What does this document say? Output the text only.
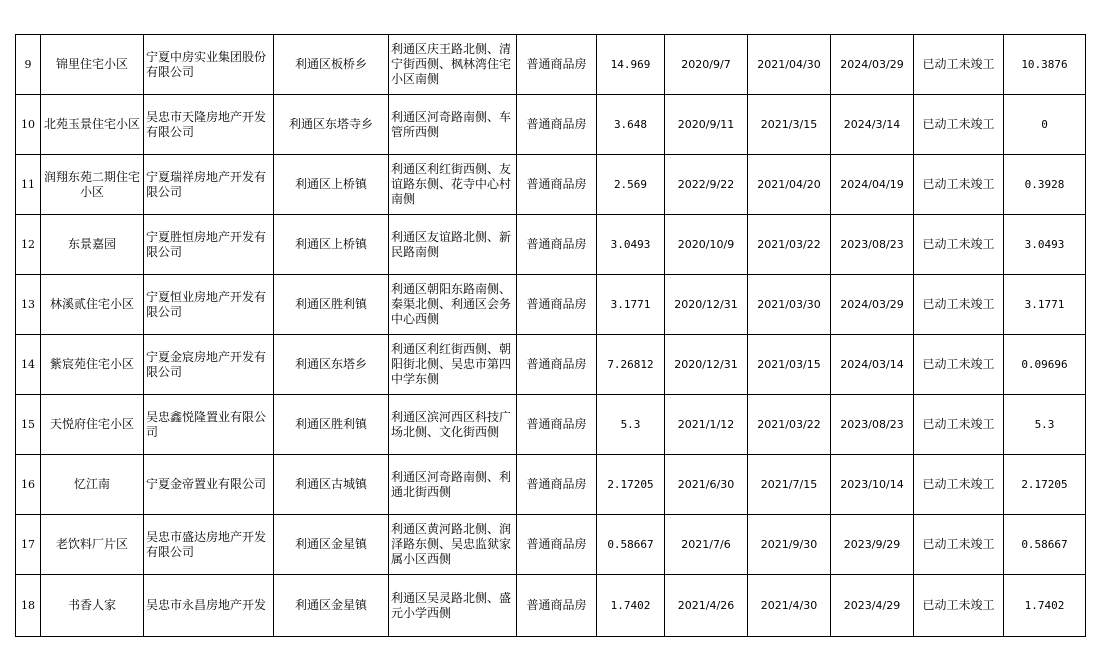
9	锦里住宅小区	宁夏中房实业集团股份有限公司	利通区板桥乡	利通区庆王路北侧、清宁街西侧、枫林湾住宅小区南侧	普通商品房	14.969	2020/9/7	2021/04/30	2024/03/29	已动工未竣工	10.3876
10	北苑玉景住宅小区	吴忠市天隆房地产开发有限公司	利通区东塔寺乡	利通区河奇路南侧、车管所西侧	普通商品房	3.648	2020/9/11	2021/3/15	2024/3/14	已动工未竣工	0
11	润翔东苑二期住宅小区	宁夏瑞祥房地产开发有限公司	利通区上桥镇	利通区利红街西侧、友谊路东侧、花寺中心村南侧	普通商品房	2.569	2022/9/22	2021/04/20	2024/04/19	已动工未竣工	0.3928
12	东景嘉园	宁夏胜恒房地产开发有限公司	利通区上桥镇	利通区友谊路北侧、新民路南侧	普通商品房	3.0493	2020/10/9	2021/03/22	2023/08/23	已动工未竣工	3.0493
13	林溪贰住宅小区	宁夏恒业房地产开发有限公司	利通区胜利镇	利通区朝阳东路南侧、秦渠北侧、利通区会务中心西侧	普通商品房	3.1771	2020/12/31	2021/03/30	2024/03/29	已动工未竣工	3.1771
14	紫宸苑住宅小区	宁夏金宸房地产开发有限公司	利通区东塔乡	利通区利红街西侧、朝阳街北侧、吴忠市第四中学东侧	普通商品房	7.26812	2020/12/31	2021/03/15	2024/03/14	已动工未竣工	0.09696
15	天悦府住宅小区	吴忠鑫悦隆置业有限公司	利通区胜利镇	利通区滨河西区科技广场北侧、文化街西侧	普通商品房	5.3	2021/1/12	2021/03/22	2023/08/23	已动工未竣工	5.3
16	忆江南	宁夏金帝置业有限公司	利通区古城镇	利通区河奇路南侧、利通北街西侧	普通商品房	2.17205	2021/6/30	2021/7/15	2023/10/14	已动工未竣工	2.17205
17	老饮料厂片区	吴忠市盛达房地产开发有限公司	利通区金星镇	利通区黄河路北侧、润泽路东侧、吴忠监狱家属小区西侧	普通商品房	0.58667	2021/7/6	2021/9/30	2023/9/29	已动工未竣工	0.58667
18	书香人家	吴忠市永昌房地产开发	利通区金星镇	利通区吴灵路北侧、盛元小学西侧	普通商品房	1.7402	2021/4/26	2021/4/30	2023/4/29	已动工未竣工	1.7402
